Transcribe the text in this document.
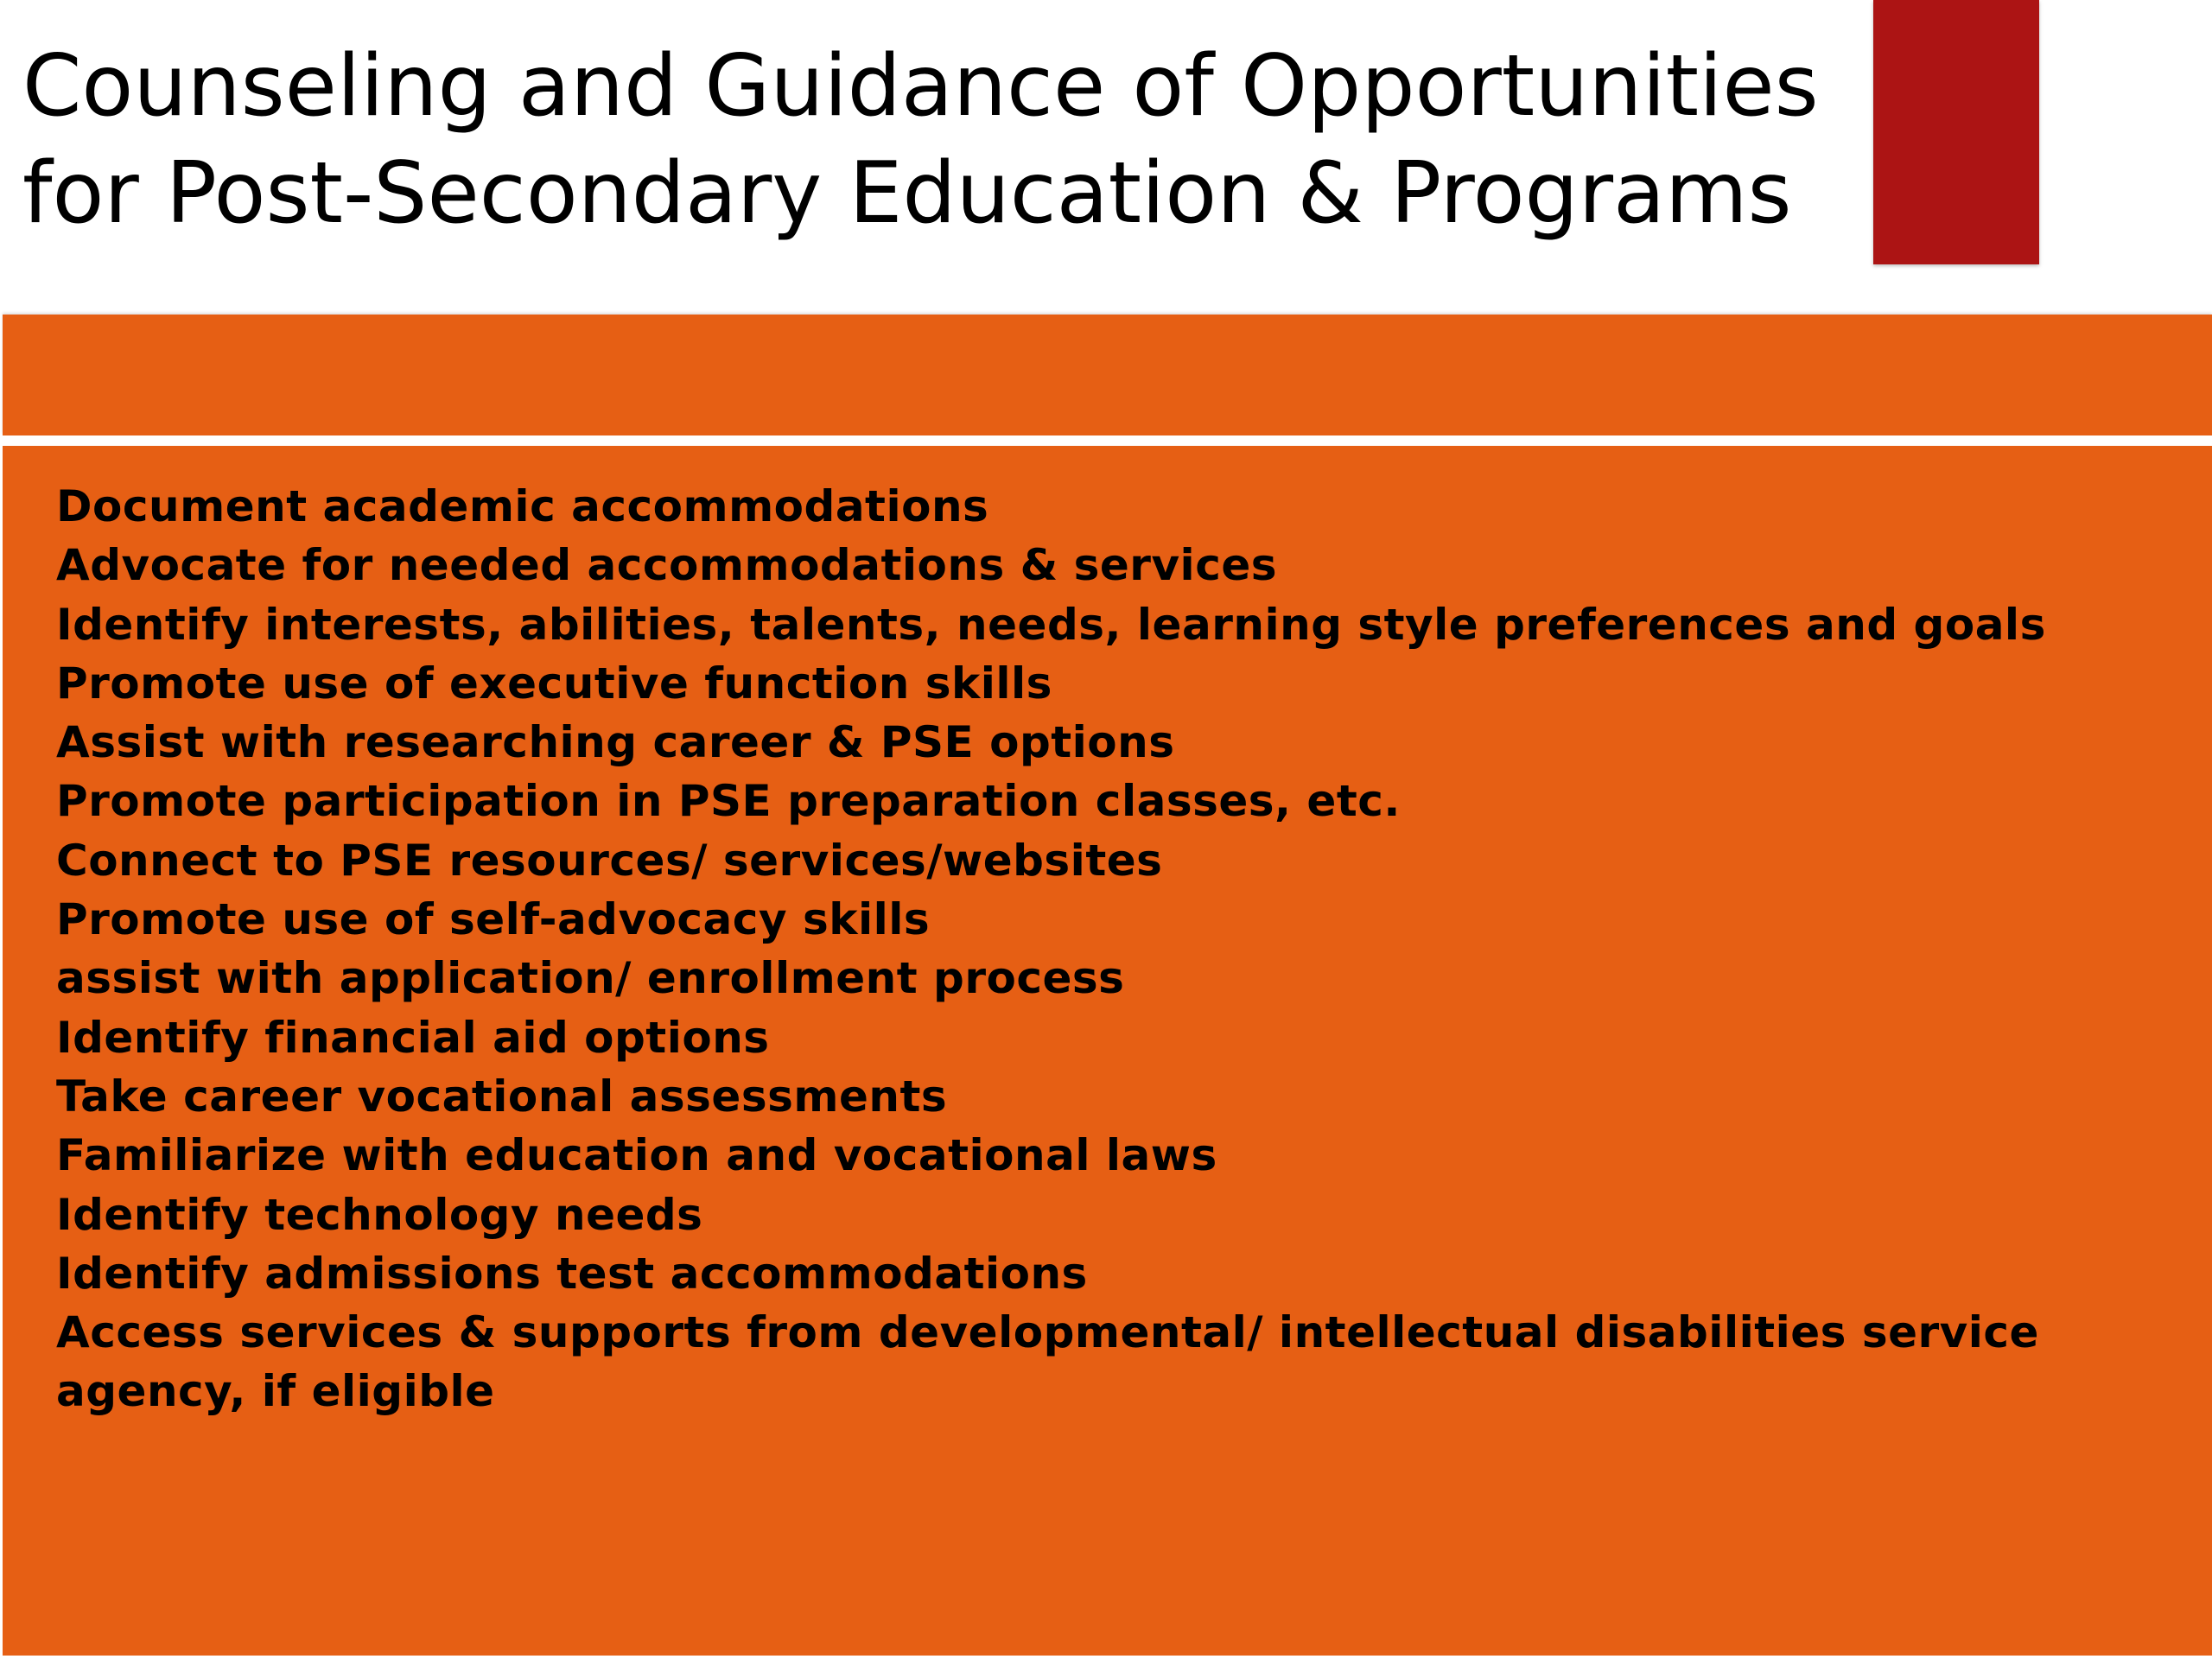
Counseling and Guidance of Opportunities
for Post-Secondary Education & Programs
Document academic accommodations
Advocate for needed accommodations & services
Identify interests, abilities, talents, needs, learning style preferences and goals
Promote use of executive function skills
Assist with researching career & PSE options
Promote participation in PSE preparation classes, etc.
Connect to PSE resources/ services/websites
Promote use of self-advocacy skills
assist with application/ enrollment process
Identify financial aid options
Take career vocational assessments
Familiarize with education and vocational laws
Identify technology needs
Identify admissions test accommodations
Access services & supports from developmental/ intellectual disabilities service agency, if eligible
